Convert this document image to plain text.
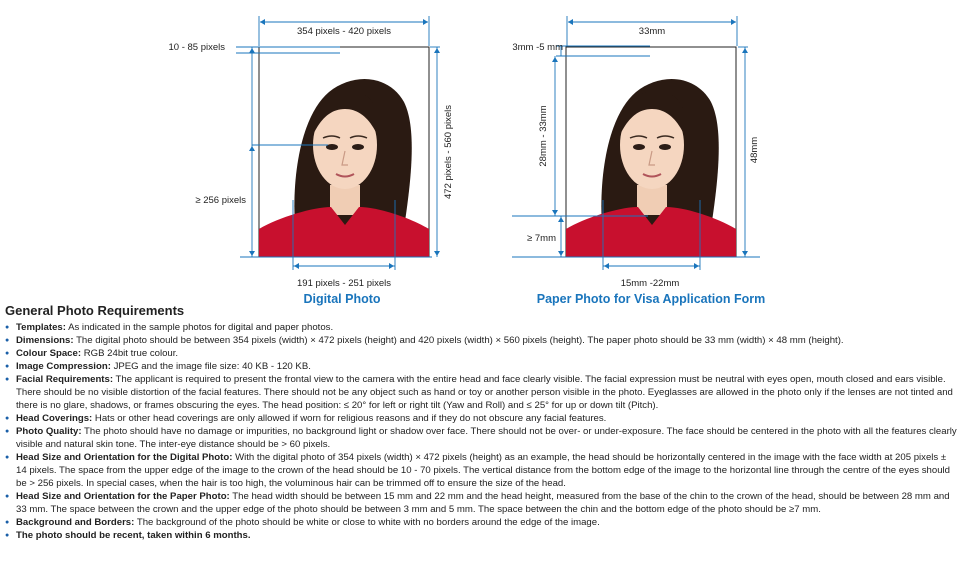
354 pixels - 420 pixels
10 - 85 pixels
≥ 256 pixels
472 pixels - 560 pixels
191 pixels - 251 pixels
Digital Photo
33mm
3mm -5 mm
28mm - 33mm
≥ 7mm
48mm
15mm -22mm
Paper Photo for Visa Application Form
General Photo Requirements
● Templates: As indicated in the sample photos for digital and paper photos.
● Dimensions: The digital photo should be between 354 pixels (width) × 472 pixels (height) and 420 pixels (width) × 560 pixels (height). The paper photo should be 33 mm (width) × 48 mm (height).
● Colour Space: RGB 24bit true colour.
● Image Compression: JPEG and the image file size: 40 KB - 120 KB.
● Facial Requirements: The applicant is required to present the frontal view to the camera with the entire head and face clearly visible. The facial expression must be neutral with eyes open, mouth closed and ears visible. There should be no visible distortion of the facial features. There should not be any object such as hand or toy or another person visible in the photo. Eyeglasses are allowed in the photo only if the lenses are not tinted and there is no glare, shadows, or frames obscuring the eyes. The head position: ≤ 20° for left or right tilt (Yaw and Roll) and ≤ 25° for up or down tilt (Pitch).
● Head Coverings: Hats or other head coverings are only allowed if worn for religious reasons and if they do not obscure any facial features.
● Photo Quality: The photo should have no damage or impurities, no background light or shadow over face. There should not be over- or under-exposure. The face should be centered in the photo with all the features clearly visible and natural skin tone. The inter-eye distance should be > 60 pixels.
● Head Size and Orientation for the Digital Photo: With the digital photo of 354 pixels (width) × 472 pixels (height) as an example, the head should be horizontally centered in the image with the face width at 205 pixels ± 14 pixels. The space from the upper edge of the image to the crown of the head should be 10 - 70 pixels. The vertical distance from the bottom edge of the image to the horizontal line through the centre of the eyes should be > 256 pixels. In special cases, when the hair is too high, the voluminous hair can be trimmed off to ensure the size of the head.
● Head Size and Orientation for the Paper Photo: The head width should be between 15 mm and 22 mm and the head height, measured from the base of the chin to the crown of the head, should be between 28 mm and 33 mm. The space between the crown and the upper edge of the photo should be between 3 mm and 5 mm. The space between the chin and the bottom edge of the photo should be ≥7 mm.
● Background and Borders: The background of the photo should be white or close to white with no borders around the edge of the image.
● The photo should be recent, taken within 6 months.
